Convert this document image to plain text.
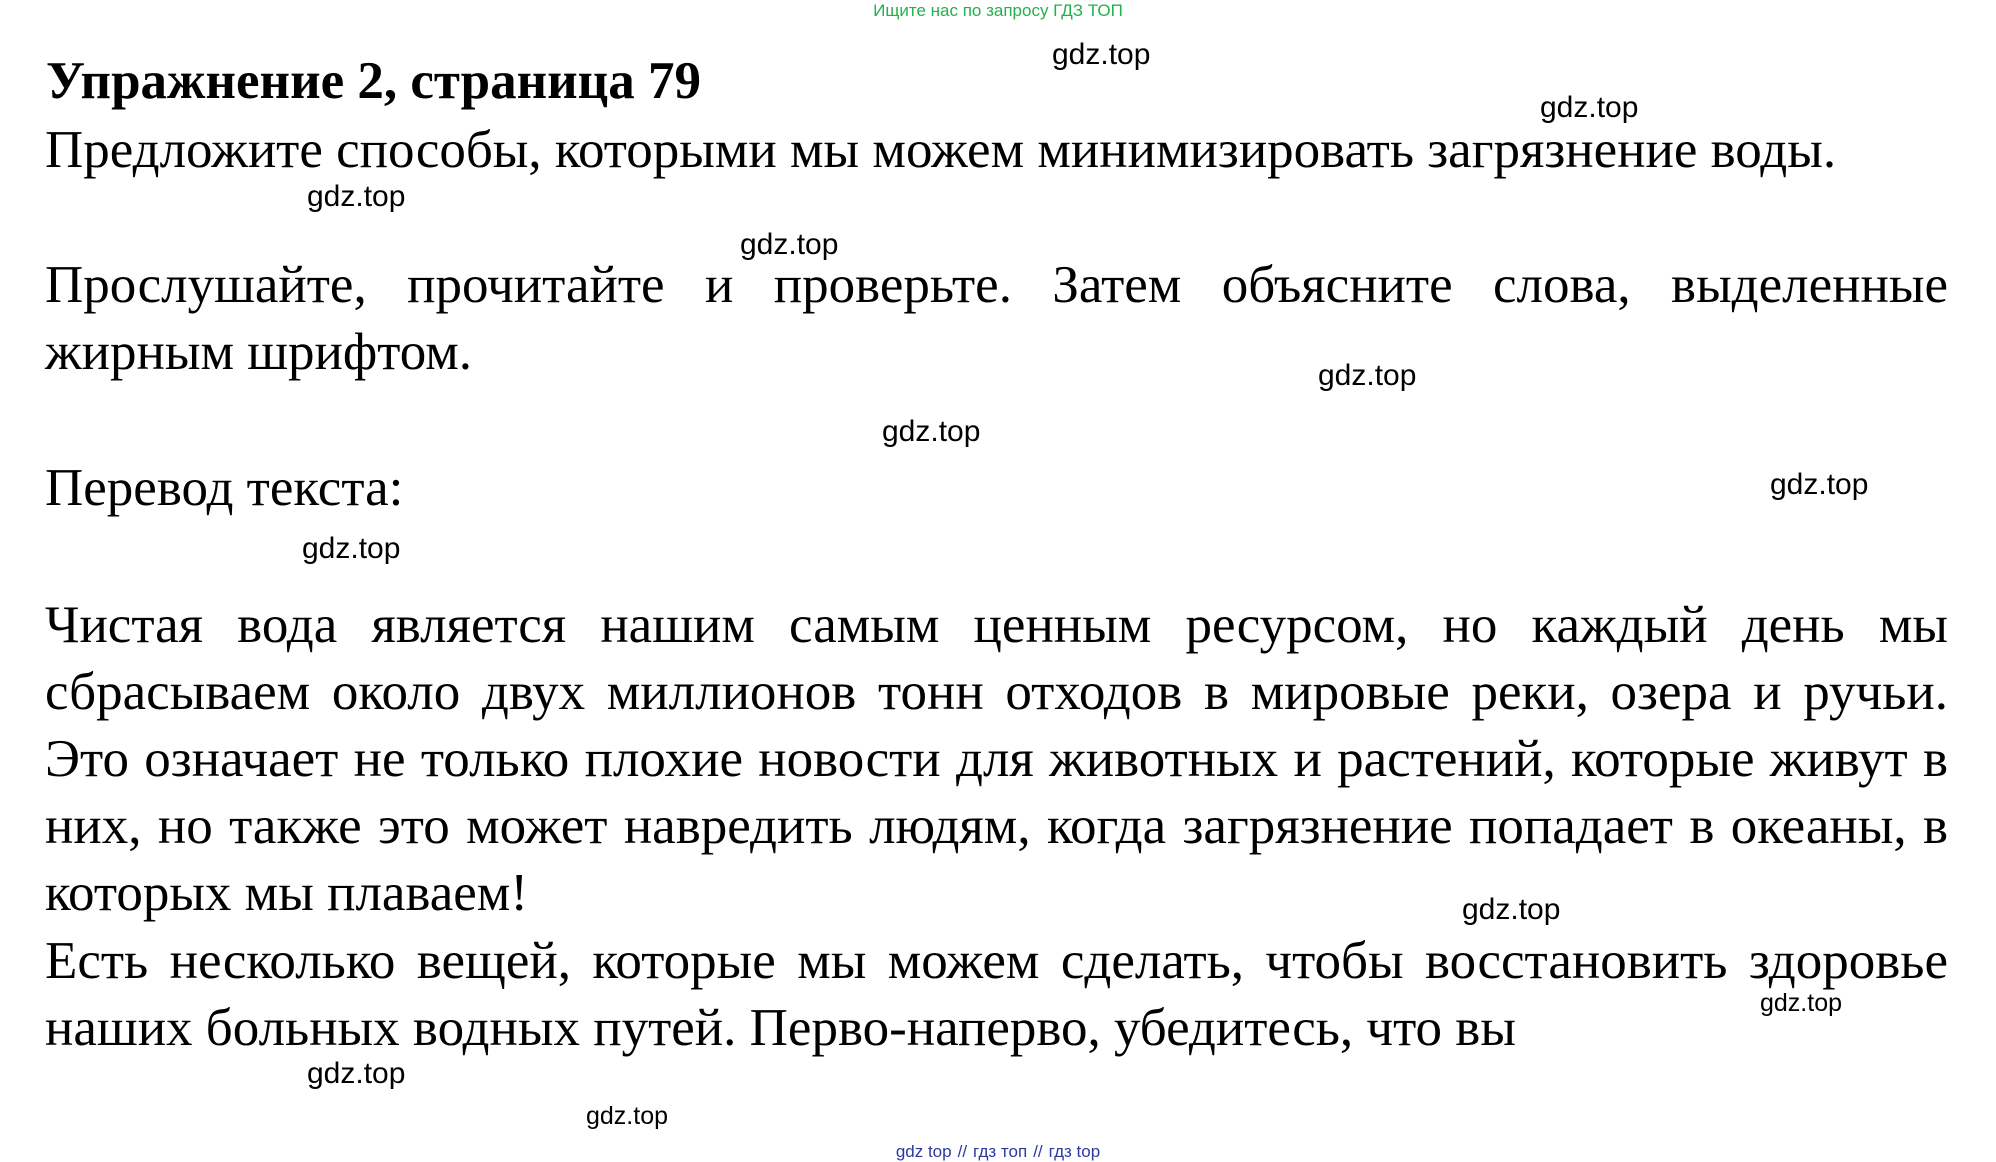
Ищите нас по запросу ГДЗ ТОП
Упражнение 2, страница 79

Предложите способы, которыми мы можем минимизировать загрязнение воды.

Прослушайте, прочитайте и проверьте. Затем объясните слова, выделенные жирным шрифтом.

Перевод текста:

Чистая вода является нашим самым ценным ресурсом, но каждый день мы сбрасываем около двух миллионов тонн отходов в мировые реки, озера и ручьи. Это означает не только плохие новости для животных и растений, которые живут в них, но также это может навредить людям, когда загрязнение попадает в океаны, в которых мы плаваем!

Есть несколько вещей, которые мы можем сделать, чтобы восстановить здоровье наших больных водных путей. Перво-наперво, убедитесь, что вы

gdz.top
gdz.top
gdz.top
gdz.top
gdz.top
gdz.top
gdz.top
gdz.top
gdz.top
gdz.top
gdz.top
gdz.top
gdz top // гдз топ // гдз top
